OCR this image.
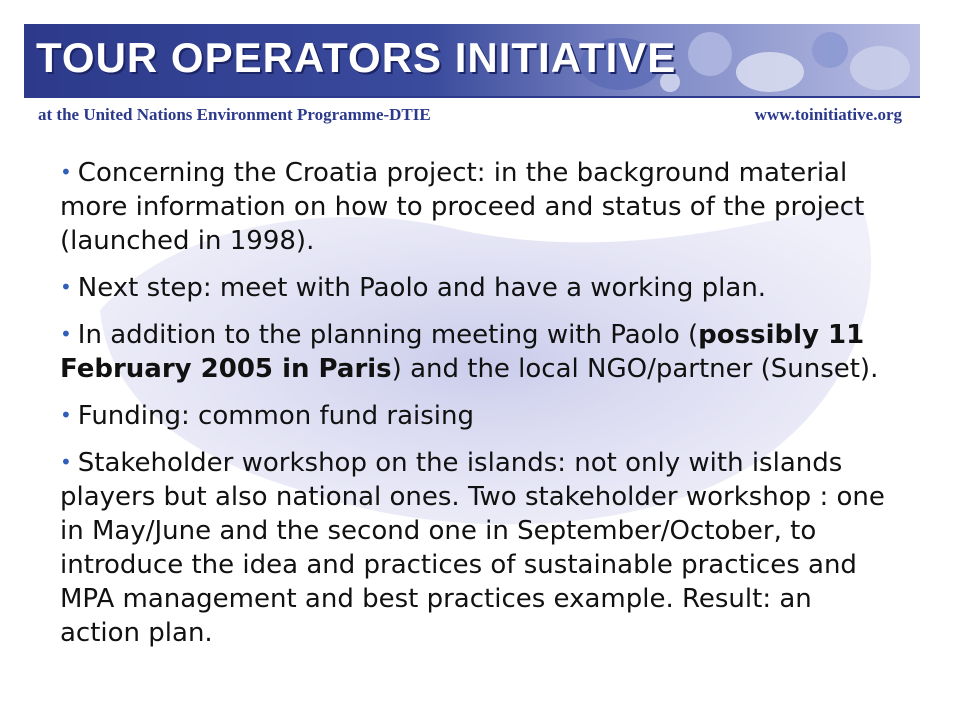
TOUR OPERATORS INITIATIVE
at the United Nations Environment Programme-DTIE	www.toinitiative.org

• Concerning the Croatia project: in the background material more information on how to proceed and status of the project (launched in 1998).

• Next step: meet with Paolo and have a working plan.

• In addition to the planning meeting with Paolo (possibly 11 February 2005 in Paris) and the local NGO/partner (Sunset).

• Funding: common fund raising

• Stakeholder workshop on the islands: not only with islands players but also national ones. Two stakeholder workshop : one in May/June and the second one in September/October, to introduce the idea and practices of sustainable practices and MPA management and best practices example. Result: an action plan.
